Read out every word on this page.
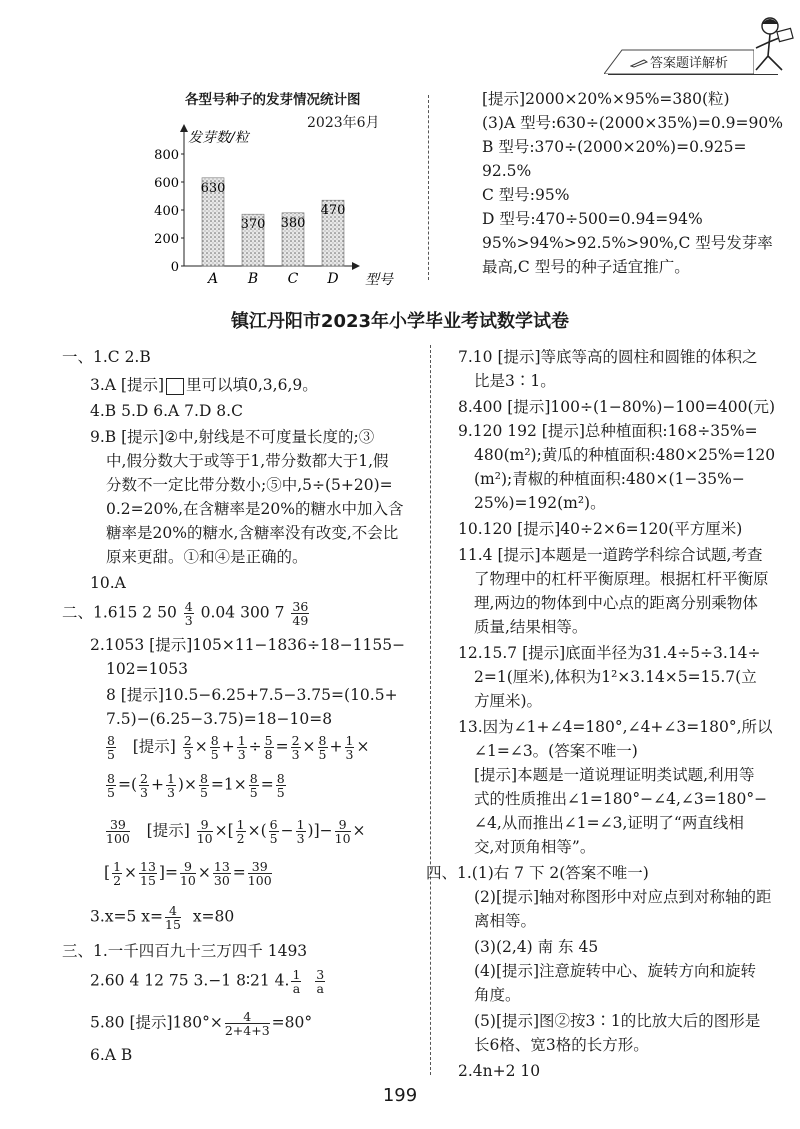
答案题详解析
各型号种子的发芽情况统计图
2023年6月
发芽数/粒
型号
0
200
400
600
800
630
A
370
B
380
C
470
D
[提示]2000×20%×95%=380(粒)
(3)A 型号:630÷(2000×35%)=0.9=90%
B 型号:370÷(2000×20%)=0.925=
92.5%
C 型号:95%
D 型号:470÷500=0.94=94%
95%>94%>92.5%>90%,C 型号发芽率
最高,C 型号的种子适宜推广。
镇江丹阳市2023年小学毕业考试数学试卷
一、1.C 2.B
3.A [提示] 里可以填0,3,6,9。
4.B 5.D 6.A 7.D 8.C
9.B [提示]②中,射线是不可度量长度的;③
中,假分数大于或等于1,带分数都大于1,假
分数不一定比带分数小;⑤中,5÷(5+20)=
0.2=20%,在含糖率是20%的糖水中加入含
糖率是20%的糖水,含糖率没有改变,不会比
原来更甜。①和④是正确的。
10.A
二、1.615 2 $50 \frac{4}{3} 0.04$ 300 $7 \frac{36}{49}$
2.1053 [提示]105×11−1836÷18−1155−
102=1053
8 [提示]10.5−6.25+7.5−3.75=(10.5+
7.5)−(6.25−3.75)=18−10=8
$\frac{8}{5}$ [提示] $\frac{2}{3} \times \frac{8}{5} + \frac{1}{3} \div \frac{5}{8} = \frac{2}{3} \times \frac{8}{5} + \frac{1}{3}$ ×
$\frac{8}{5}$ =( $\frac{2}{3} + \frac{1}{3}$ )× $\frac{8}{5} =1\times \frac{8}{5} = \frac{8}{5}$
$\frac{39}{100}$ [提示] $\frac{9}{10}$ ×[ $\frac{1}{2}$ ×( $\frac{6}{5} - \frac{1}{3}$ )]− $\frac{9}{10}$ ×
[ $\frac{1}{2} \times \frac{13}{15}$ ]= $\frac{9}{10} \times \frac{13}{30} = \frac{39}{100}$
3.x=5 $x= \frac{4}{15} x=80$
三、1.一千四百九十三万四千 1493
2.60 4 12 75 3.−1 8∶21 4. $\frac{1}{a}$
$\frac{3}{a}$
5.80 [提示]$180^\circ\times \frac{4}{2+4+3} =80^\circ$
6.A B
7.10 [提示]等底等高的圆柱和圆锥的体积之
比是3∶1。
8.400 [提示]100÷(1−80%)−100=400(元)
9.120 192 [提示]总种植面积:168÷35%=
480(m²);黄瓜的种植面积:480×25%=120
(m²);青椒的种植面积:480×(1−35%−
25%)=192(m²)。
10.120 [提示]40÷2×6=120(平方厘米)
11.4 [提示]本题是一道跨学科综合试题,考查
了物理中的杠杆平衡原理。根据杠杆平衡原
理,两边的物体到中心点的距离分别乘物体
质量,结果相等。
12.15.7 [提示]底面半径为31.4÷5÷3.14÷
2=1(厘米),体积为1²×3.14×5=15.7(立
方厘米)。
13.因为∠1+∠4=180°,∠4+∠3=180°,所以
∠1=∠3。(答案不唯一)
[提示]本题是一道说理证明类试题,利用等
式的性质推出∠1=180°−∠4,∠3=180°−
∠4,从而推出∠1=∠3,证明了“两直线相
交,对顶角相等”。
四、1.(1)右 7 下 2(答案不唯一)
(2)[提示]轴对称图形中对应点到对称轴的距
离相等。
(3)(2,4) 南 东 45
(4)[提示]注意旋转中心、旋转方向和旋转
角度。
(5)[提示]图②按3∶1的比放大后的图形是
长6格、宽3格的长方形。
2.4n+2 10
199
